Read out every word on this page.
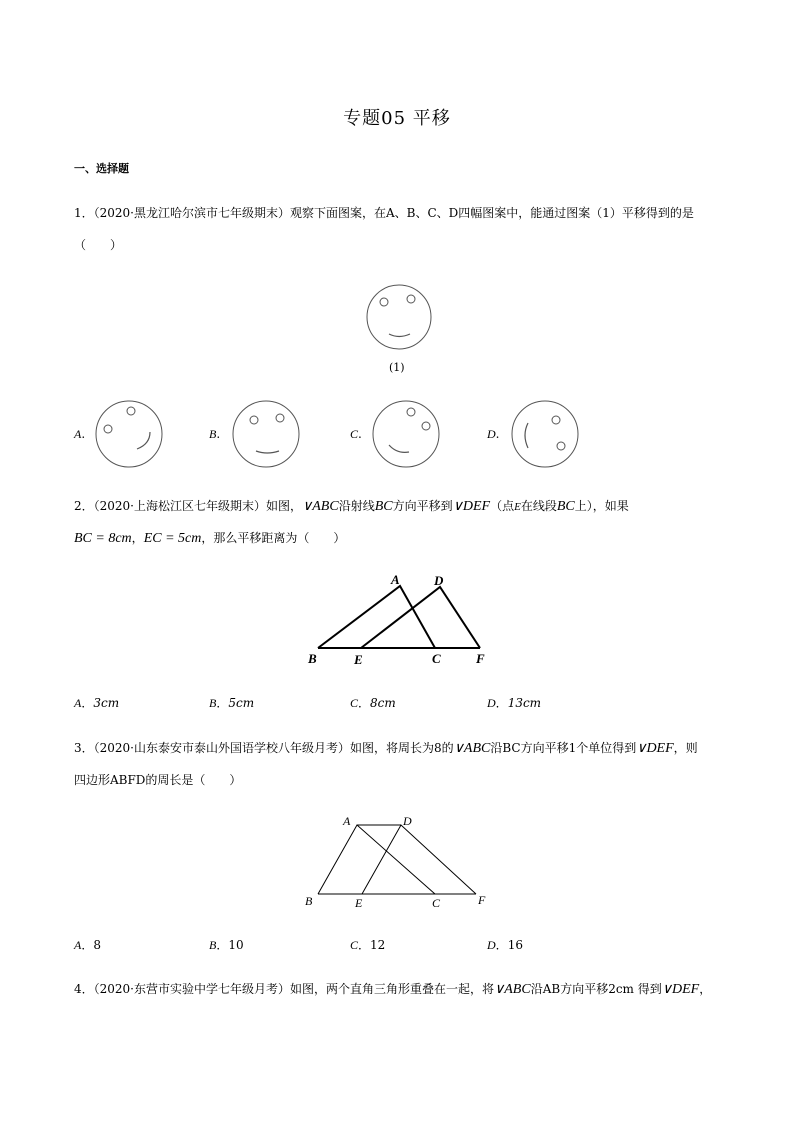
专题05 平移
一、选择题
1．（2020·黑龙江哈尔滨市七年级期末）观察下面图案，在A、B、C、D四幅图案中，能通过图案（1）平移得到的是
（　　）
(1)
A.	B.	C.	D.
2．（2020·上海松江区七年级期末）如图，∨ABC沿射线BC方向平移到∨DEF（点E在线段BC上），如果
BC = 8cm，EC = 5cm，那么平移距离为（　　）
A	D
B	E	C	F
A．3cm	B．5cm	C．8cm	D．13cm
3．（2020·山东泰安市泰山外国语学校八年级月考）如图，将周长为8的∨ABC沿BC方向平移1个单位得到∨DEF，则
四边形ABFD的周长是（　　）
A	D
B	E	C	F
A．8	B．10	C．12	D．16
4．（2020·东营市实验中学七年级月考）如图，两个直角三角形重叠在一起，将∨ABC沿AB方向平移2cm 得到∨DEF，
